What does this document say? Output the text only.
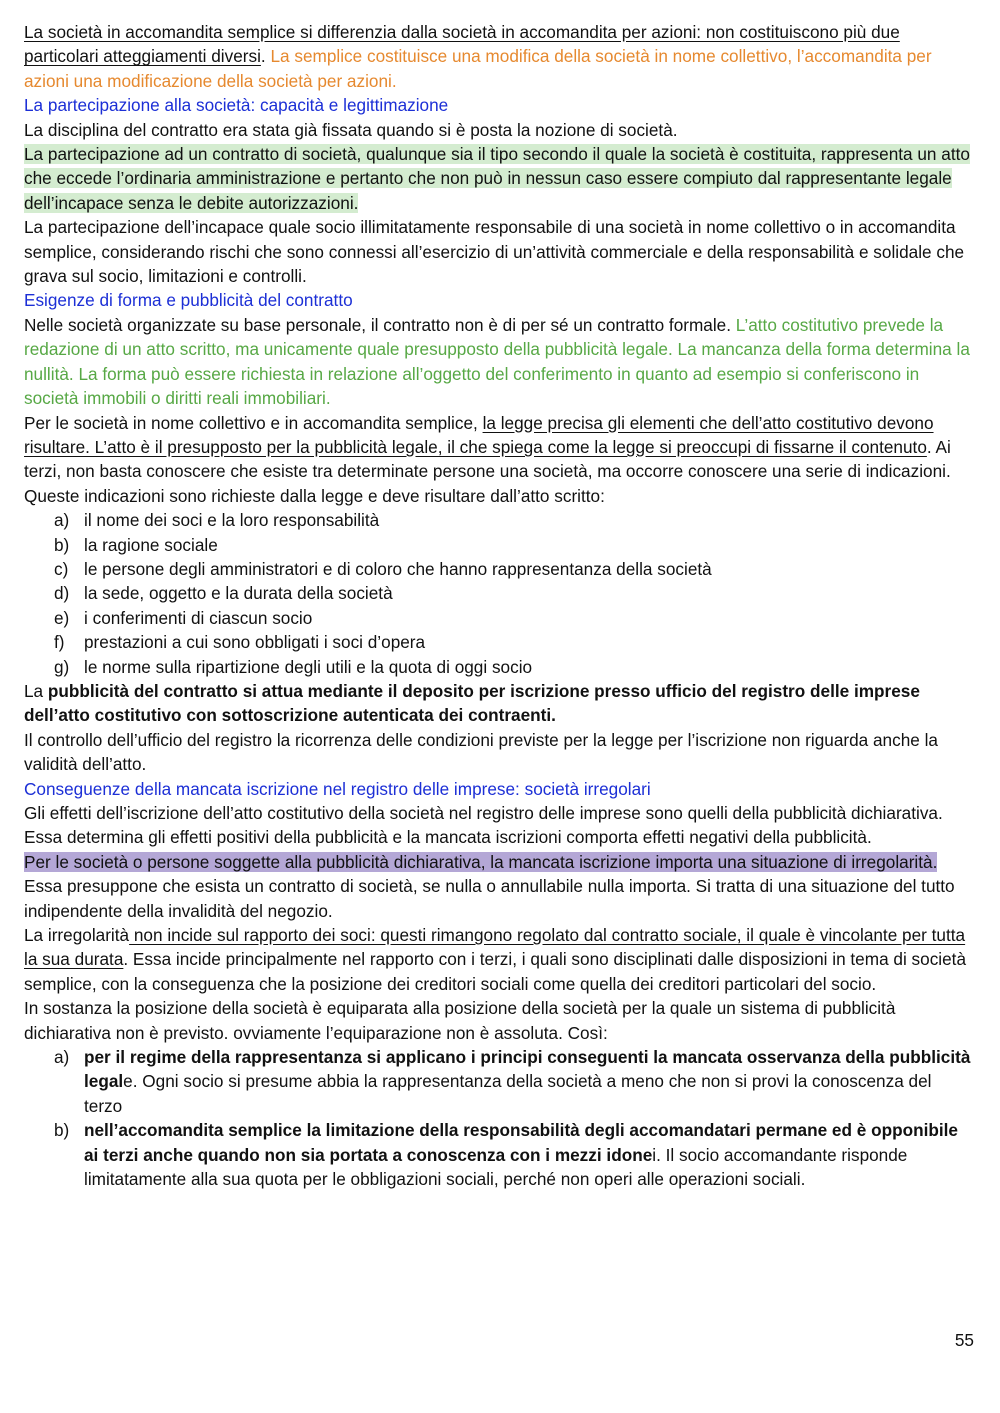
La società in accomandita semplice si differenzia dalla società in accomandita per azioni: non costituiscono più due particolari atteggiamenti diversi. La semplice costituisce una modifica della società in nome collettivo, l’accomandita per azioni una modificazione della società per azioni.

La partecipazione alla società: capacità e legittimazione

La disciplina del contratto era stata già fissata quando si è posta la nozione di società.

La partecipazione ad un contratto di società, qualunque sia il tipo secondo il quale la società è costituita, rappresenta un atto che eccede l’ordinaria amministrazione e pertanto che non può in nessun caso essere compiuto dal rappresentante legale dell’incapace senza le debite autorizzazioni.

La partecipazione dell’incapace quale socio illimitatamente responsabile di una società in nome collettivo o in accomandita semplice, considerando rischi che sono connessi all’esercizio di un’attività commerciale e della responsabilità e solidale che grava sul socio, limitazioni e controlli.

Esigenze di forma e pubblicità del contratto

Nelle società organizzate su base personale, il contratto non è di per sé un contratto formale. L’atto costitutivo prevede la redazione di un atto scritto, ma unicamente quale presupposto della pubblicità legale. La mancanza della forma determina la nullità. La forma può essere richiesta in relazione all’oggetto del conferimento in quanto ad esempio si conferiscono in società immobili o diritti reali immobiliari.

Per le società in nome collettivo e in accomandita semplice, la legge precisa gli elementi che dell’atto costitutivo devono risultare. L’atto è il presupposto per la pubblicità legale, il che spiega come la legge si preoccupi di fissarne il contenuto. Ai terzi, non basta conoscere che esiste tra determinate persone una società, ma occorre conoscere una serie di indicazioni.

Queste indicazioni sono richieste dalla legge e deve risultare dall’atto scritto:

a) il nome dei soci e la loro responsabilità
b) la ragione sociale
c) le persone degli amministratori e di coloro che hanno rappresentanza della società
d) la sede, oggetto e la durata della società
e) i conferimenti di ciascun socio
f)	prestazioni a cui sono obbligati i soci d’opera
g) le norme sulla ripartizione degli utili e la quota di oggi socio

La pubblicità del contratto si attua mediante il deposito per iscrizione presso ufficio del registro delle imprese dell’atto costitutivo con sottoscrizione autenticata dei contraenti.

Il controllo dell’ufficio del registro la ricorrenza delle condizioni previste per la legge per l’iscrizione non riguarda anche la validità dell’atto.

Conseguenze della mancata iscrizione nel registro delle imprese: società irregolari

Gli effetti dell’iscrizione dell’atto costitutivo della società nel registro delle imprese sono quelli della pubblicità dichiarativa. Essa determina gli effetti positivi della pubblicità e la mancata iscrizioni comporta effetti negativi della pubblicità.

Per le società o persone soggette alla pubblicità dichiarativa, la mancata iscrizione importa una situazione di irregolarità. Essa presuppone che esista un contratto di società, se nulla o annullabile nulla importa. Si tratta di una situazione del tutto indipendente della invalidità del negozio.

La irregolarità non incide sul rapporto dei soci: questi rimangono regolato dal contratto sociale, il quale è vincolante per tutta la sua durata. Essa incide principalmente nel rapporto con i terzi, i quali sono disciplinati dalle disposizioni in tema di società semplice, con la conseguenza che la posizione dei creditori sociali come quella dei creditori particolari del socio.

In sostanza la posizione della società è equiparata alla posizione della società per la quale un sistema di pubblicità dichiarativa non è previsto. ovviamente l’equiparazione non è assoluta. Così:

a) per il regime della rappresentanza si applicano i principi conseguenti la mancata osservanza della pubblicità legale. Ogni socio si presume abbia la rappresentanza della società a meno che non si provi la conoscenza del terzo
b) nell’accomandita semplice la limitazione della responsabilità degli accomandatari permane ed è opponibile ai terzi anche quando non sia portata a conoscenza con i mezzi idonei. Il socio accomandante risponde limitatamente alla sua quota per le obbligazioni sociali, perché non operi alle operazioni sociali.
55
